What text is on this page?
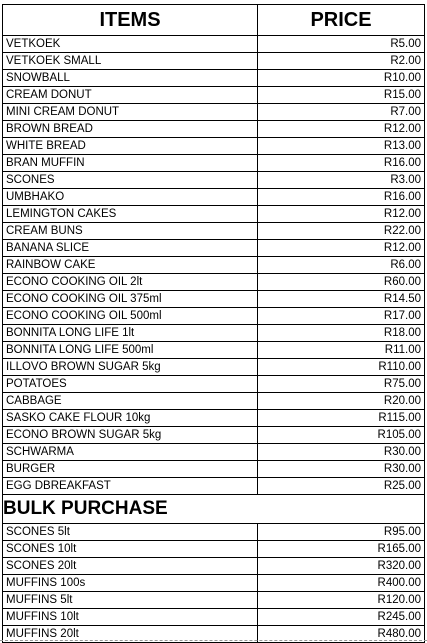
ITEMS	PRICE
VETKOEK	R5.00
VETKOEK SMALL	R2.00
SNOWBALL	R10.00
CREAM DONUT	R15.00
MINI CREAM DONUT	R7.00
BROWN BREAD	R12.00
WHITE BREAD	R13.00
BRAN MUFFIN	R16.00
SCONES	R3.00
UMBHAKO	R16.00
LEMINGTON CAKES	R12.00
CREAM BUNS	R22.00
BANANA SLICE	R12.00
RAINBOW CAKE	R6.00
ECONO COOKING OIL 2lt	R60.00
ECONO COOKING OIL 375ml	R14.50
ECONO COOKING OIL 500ml	R17.00
BONNITA LONG LIFE 1lt	R18.00
BONNITA LONG LIFE 500ml	R11.00
ILLOVO BROWN SUGAR 5kg	R110.00
POTATOES	R75.00
CABBAGE	R20.00
SASKO CAKE FLOUR 10kg	R115.00
ECONO BROWN SUGAR 5kg	R105.00
SCHWARMA	R30.00
BURGER	R30.00
EGG DBREAKFAST	R25.00
BULK PURCHASE
SCONES 5lt	R95.00
SCONES 10lt	R165.00
SCONES 20lt	R320.00
MUFFINS 100s	R400.00
MUFFINS 5lt	R120.00
MUFFINS 10lt	R245.00
MUFFINS 20lt	R480.00
